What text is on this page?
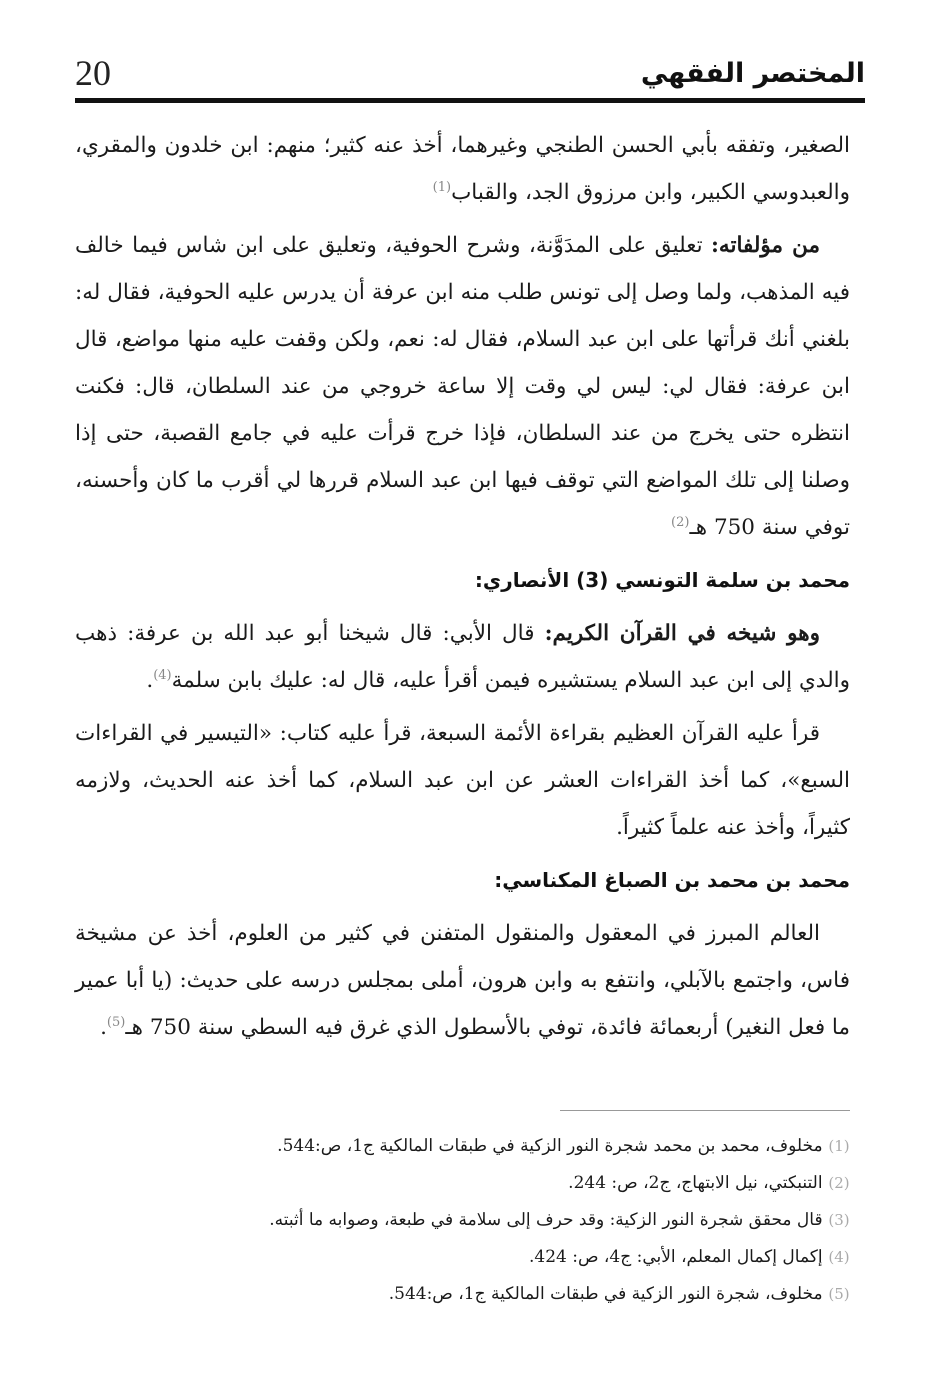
20	المختصر الفقهي

الصغير، وتفقه بأبي الحسن الطنجي وغيرهما، أخذ عنه كثير؛ منهم: ابن خلدون والمقري، والعبدوسي الكبير، وابن مرزوق الجد، والقباب$^{(1)}$

من مؤلفاته: تعليق على المدَوَّنة، وشرح الحوفية، وتعليق على ابن شاس فيما خالف فيه المذهب، ولما وصل إلى تونس طلب منه ابن عرفة أن يدرس عليه الحوفية، فقال له: بلغني أنك قرأتها على ابن عبد السلام، فقال له: نعم، ولكن وقفت عليه منها مواضع، قال ابن عرفة: فقال لي: ليس لي وقت إلا ساعة خروجي من عند السلطان، قال: فكنت انتظره حتى يخرج من عند السلطان، فإذا خرج قرأت عليه في جامع القصبة، حتى إذا وصلنا إلى تلك المواضع التي توقف فيها ابن عبد السلام قررها لي أقرب ما كان وأحسنه، توفي سنة 750 هـ$^{(2)}$

محمد بن سلمة التونسي (3) الأنصاري:

وهو شيخه في القرآن الكريم: قال الأبي: قال شيخنا أبو عبد الله بن عرفة: ذهب والدي إلى ابن عبد السلام يستشيره فيمن أقرأ عليه، قال له: عليك بابن سلمة$^{(4)}$.

قرأ عليه القرآن العظيم بقراءة الأئمة السبعة، قرأ عليه كتاب: «التيسير في القراءات السبع»، كما أخذ القراءات العشر عن ابن عبد السلام، كما أخذ عنه الحديث، ولازمه كثيراً، وأخذ عنه علماً كثيراً.

محمد بن محمد بن الصباغ المكناسي:

العالم المبرز في المعقول والمنقول المتفنن في كثير من العلوم، أخذ عن مشيخة فاس، واجتمع بالآبلي، وانتفع به وابن هرون، أملى بمجلس درسه على حديث: (يا أبا عمير ما فعل النغير) أربعمائة فائدة، توفي بالأسطول الذي غرق فيه السطي سنة 750 هـ$^{(5)}$.

(1) مخلوف، محمد بن محمد شجرة النور الزكية في طبقات المالكية ج1، ص:544.

(2) التنبكتي، نيل الابتهاج، ج2، ص: 244.

(3) قال محقق شجرة النور الزكية: وقد حرف إلى سلامة في طبعة، وصوابه ما أثبته.

(4) إكمال إكمال المعلم، الأبي: ج4، ص: 424.

(5) مخلوف، شجرة النور الزكية في طبقات المالكية ج1، ص:544.
